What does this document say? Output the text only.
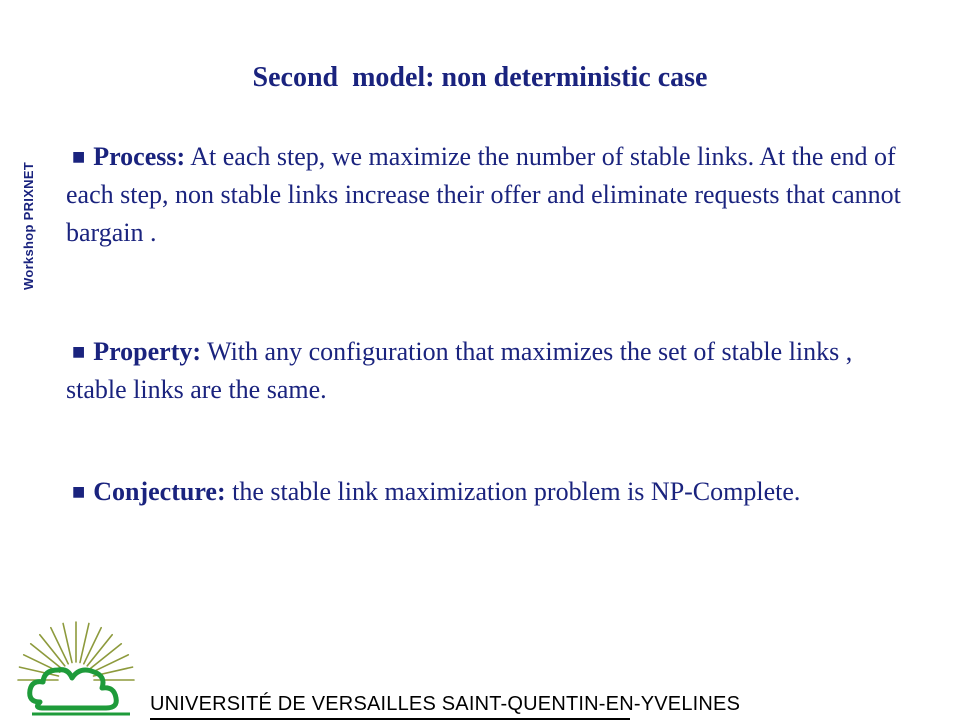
Second  model: non deterministic case
Workshop PRIXNET
■ Process: At each step, we maximize the number of stable links. At the end of each step, non stable links increase their offer and eliminate requests that cannot bargain .
■ Property: With any configuration that maximizes the set of stable links , stable links are the same.
■ Conjecture: the stable link maximization problem is NP-Complete.
UNIVERSITÉ DE VERSAILLES SAINT-QUENTIN-EN-YVELINES
